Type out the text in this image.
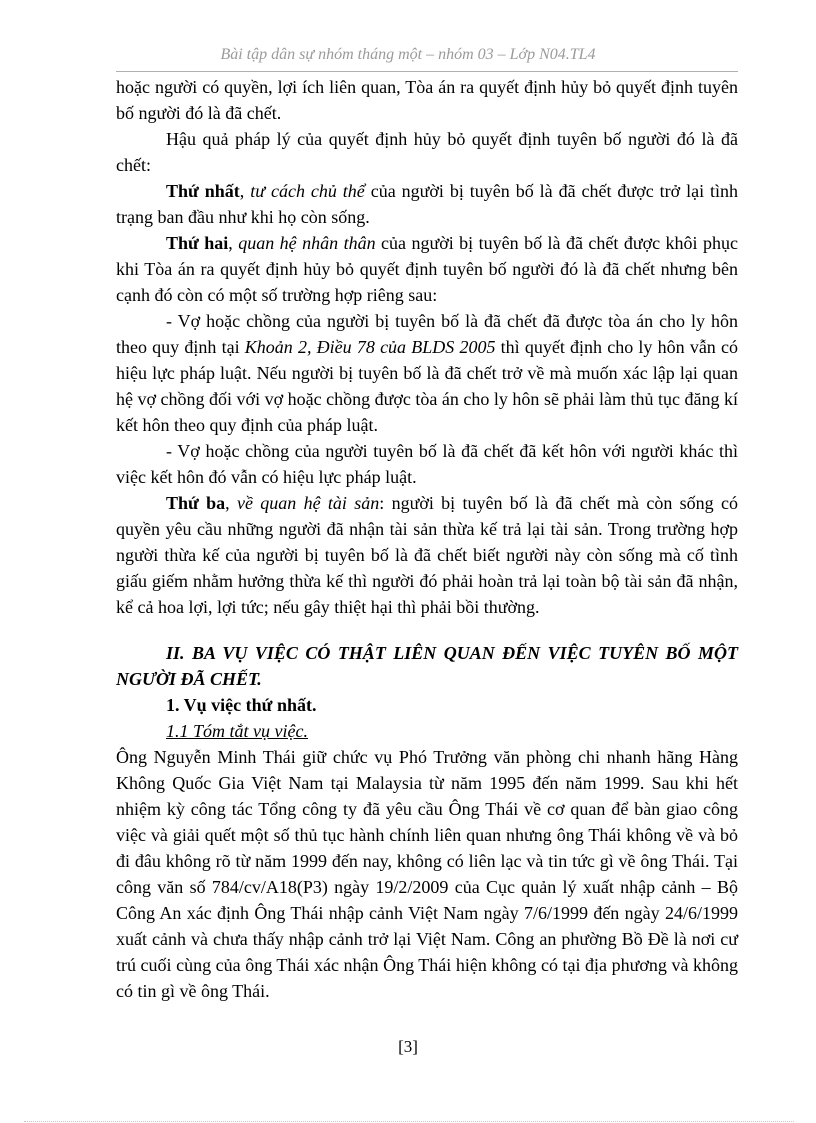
Bài tập dân sự nhóm tháng một – nhóm 03 – Lớp N04.TL4

hoặc người có quyền, lợi ích liên quan, Tòa án ra quyết định hủy bỏ quyết định tuyên bố người đó là đã chết.

Hậu quả pháp lý của quyết định hủy bỏ quyết định tuyên bố người đó là đã chết:

Thứ nhất, tư cách chủ thể của người bị tuyên bố là đã chết được trở lại tình trạng ban đầu như khi họ còn sống.

Thứ hai, quan hệ nhân thân của người bị tuyên bố là đã chết được khôi phục khi Tòa án ra quyết định hủy bỏ quyết định tuyên bố người đó là đã chết nhưng bên cạnh đó còn có một số trường hợp riêng sau:

- Vợ hoặc chồng của người bị tuyên bố là đã chết đã được tòa án cho ly hôn theo quy định tại Khoản 2, Điều 78 của BLDS 2005 thì quyết định cho ly hôn vẫn có hiệu lực pháp luật. Nếu người bị tuyên bố là đã chết trở về mà muốn xác lập lại quan hệ vợ chồng đối với vợ hoặc chồng được tòa án cho ly hôn sẽ phải làm thủ tục đăng kí kết hôn theo quy định của pháp luật.

- Vợ hoặc chồng của người tuyên bố là đã chết đã kết hôn với người khác thì việc kết hôn đó vẫn có hiệu lực pháp luật.

Thứ ba, về quan hệ tài sản: người bị tuyên bố là đã chết mà còn sống có quyền yêu cầu những người đã nhận tài sản thừa kế trả lại tài sản. Trong trường hợp người thừa kế của người bị tuyên bố là đã chết biết người này còn sống mà cố tình giấu giếm nhằm hưởng thừa kế thì người đó phải hoàn trả lại toàn bộ tài sản đã nhận, kể cả hoa lợi, lợi tức; nếu gây thiệt hại thì phải bồi thường.

II. BA VỤ VIỆC CÓ THẬT LIÊN QUAN ĐẾN VIỆC TUYÊN BỐ MỘT NGƯỜI ĐÃ CHẾT.

1. Vụ việc thứ nhất.

1.1 Tóm tắt vụ việc.

Ông Nguyễn Minh Thái giữ chức vụ Phó Trưởng văn phòng chi nhanh hãng Hàng Không Quốc Gia Việt Nam tại Malaysia từ năm 1995 đến năm 1999. Sau khi hết nhiệm kỳ công tác Tổng công ty đã yêu cầu Ông Thái về cơ quan để bàn giao công việc và giải quết một số thủ tục hành chính liên quan nhưng ông Thái không về và bỏ đi đâu không rõ từ năm 1999 đến nay, không có liên lạc và tin tức gì về ông Thái. Tại công văn số 784/cv/A18(P3) ngày 19/2/2009 của Cục quản lý xuất nhập cảnh – Bộ Công An xác định Ông Thái nhập cảnh Việt Nam ngày 7/6/1999 đến ngày 24/6/1999 xuất cảnh và chưa thấy nhập cảnh trở lại Việt Nam. Công an phường Bồ Đề là nơi cư trú cuối cùng của ông Thái xác nhận Ông Thái hiện không có tại địa phương và không có tin gì về ông Thái.

[3]
